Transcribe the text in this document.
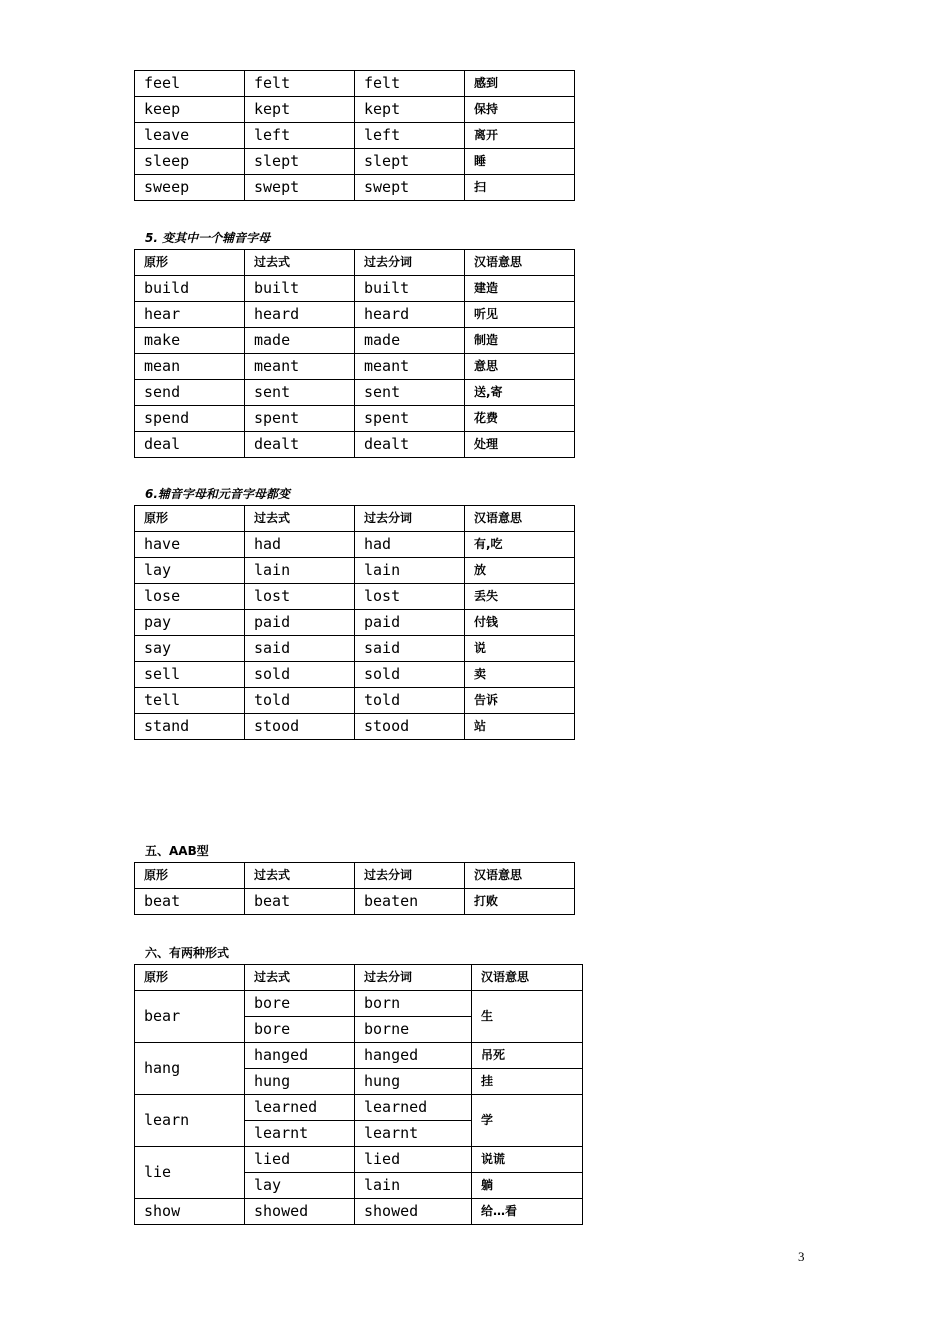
feel	felt	felt	感到
keep	kept	kept	保持
leave	left	left	离开
sleep	slept	slept	睡
sweep	swept	swept	扫
5. 变其中一个辅音字母
原形	过去式	过去分词	汉语意思
build	built	built	建造
hear	heard	heard	听见
make	made	made	制造
mean	meant	meant	意思
send	sent	sent	送,寄
spend	spent	spent	花费
deal	dealt	dealt	处理
6.辅音字母和元音字母都变
原形	过去式	过去分词	汉语意思
have	had	had	有,吃
lay	lain	lain	放
lose	lost	lost	丢失
pay	paid	paid	付钱
say	said	said	说
sell	sold	sold	卖
tell	told	told	告诉
stand	stood	stood	站
五、AAB型
原形	过去式	过去分词	汉语意思
beat	beat	beaten	打败
六、有两种形式
原形	过去式	过去分词	汉语意思
bear	bore	born	生
	bore	borne	
hang	hanged	hanged	吊死
	hung	hung	挂
learn	learned	learned	学
	learnt	learnt	
lie	lied	lied	说谎
	lay	lain	躺
show	showed	showed	给…看
3
